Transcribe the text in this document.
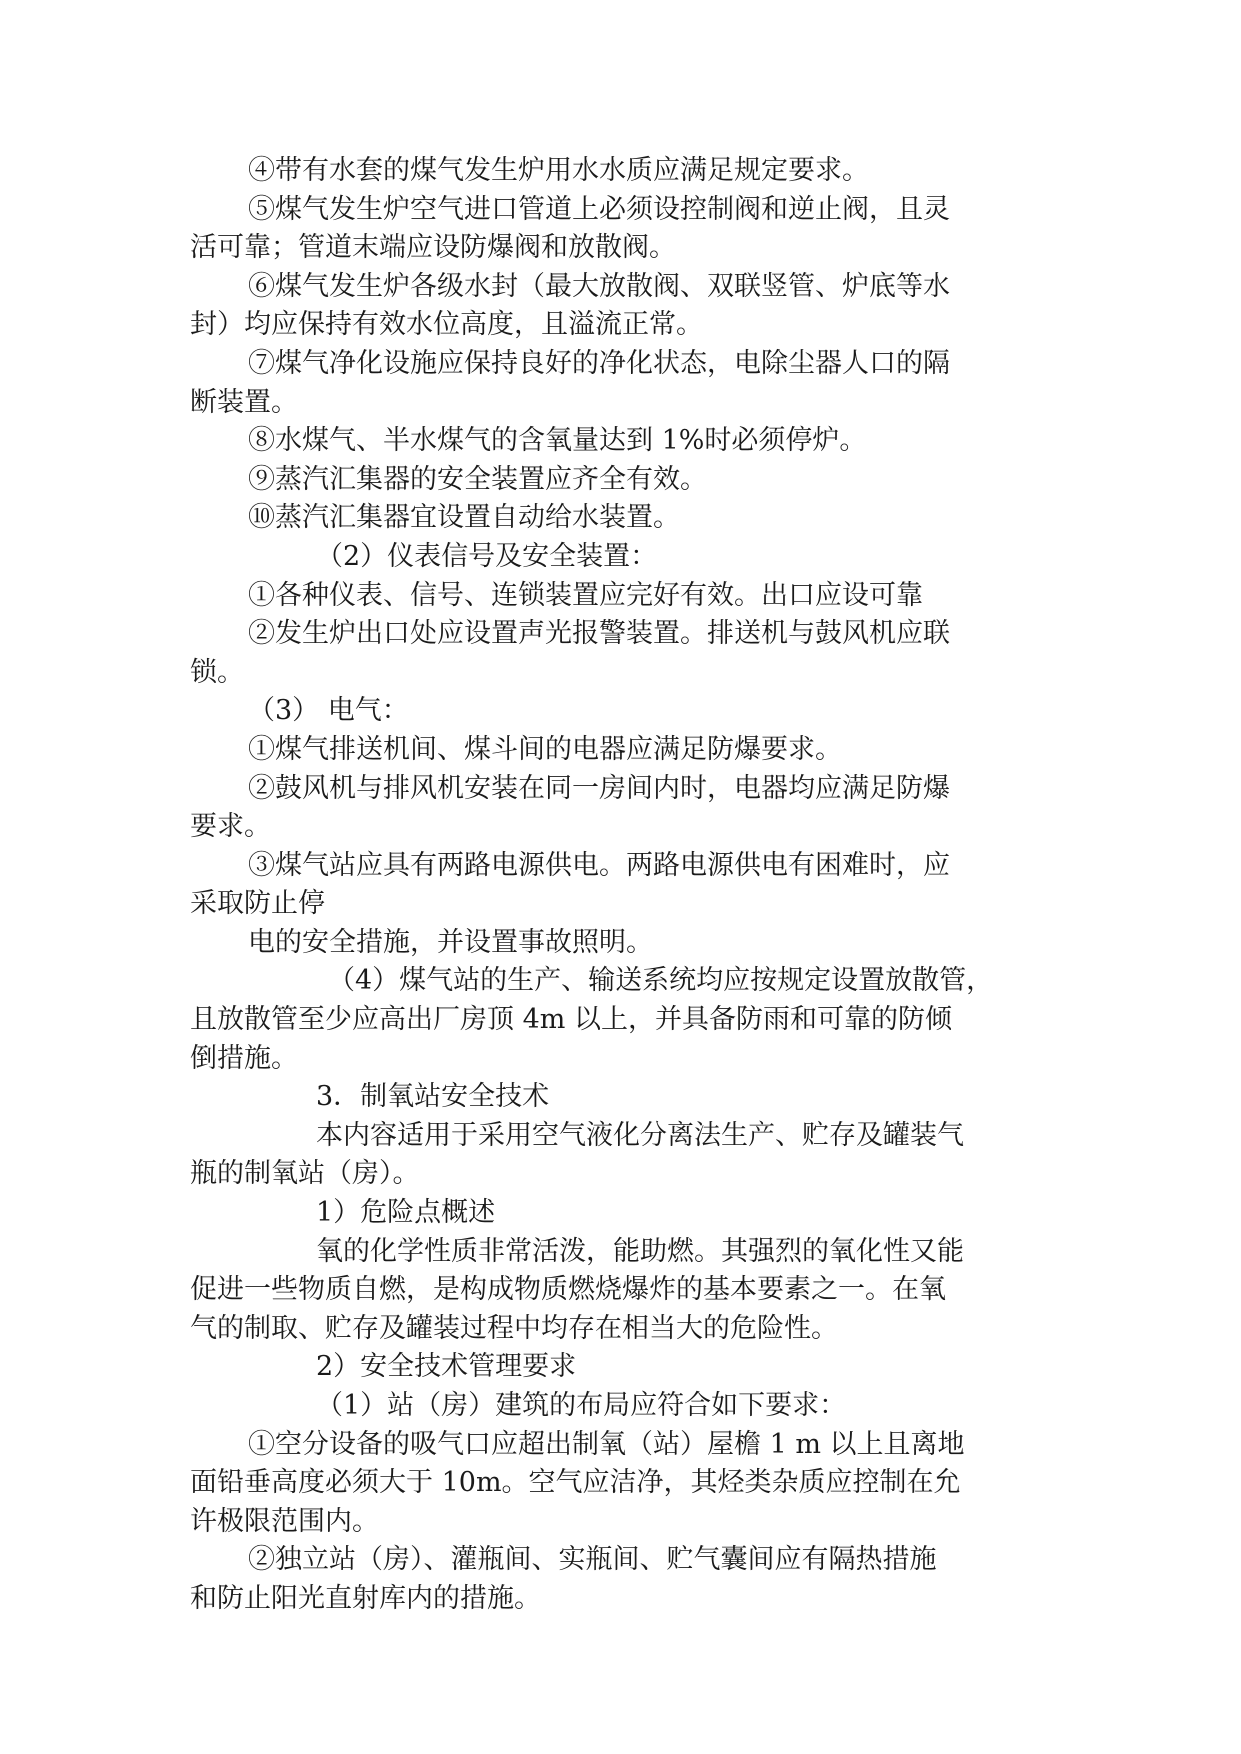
④带有水套的煤气发生炉用水水质应满足规定要求。

⑤煤气发生炉空气进口管道上必须设控制阀和逆止阀，且灵

活可靠；管道末端应设防爆阀和放散阀。

⑥煤气发生炉各级水封（最大放散阀、双联竖管、炉底等水

封）均应保持有效水位高度，且溢流正常。

⑦煤气净化设施应保持良好的净化状态，电除尘器人口的隔

断装置。

⑧水煤气、半水煤气的含氧量达到 1%时必须停炉。

⑨蒸汽汇集器的安全装置应齐全有效。

⑩蒸汽汇集器宜设置自动给水装置。

（2）仪表信号及安全装置：

①各种仪表、信号、连锁装置应完好有效。出口应设可靠

②发生炉出口处应设置声光报警装置。排送机与鼓风机应联

锁。

（3） 电气：

①煤气排送机间、煤斗间的电器应满足防爆要求。

②鼓风机与排风机安装在同一房间内时，电器均应满足防爆

要求。

③煤气站应具有两路电源供电。两路电源供电有困难时，应

采取防止停

电的安全措施，并设置事故照明。

（4）煤气站的生产、输送系统均应按规定设置放散管，

且放散管至少应高出厂房顶 4m 以上，并具备防雨和可靠的防倾

倒措施。

3．制氧站安全技术

本内容适用于采用空气液化分离法生产、贮存及罐装气

瓶的制氧站（房）。

1）危险点概述

氧的化学性质非常活泼，能助燃。其强烈的氧化性又能

促进一些物质自燃，是构成物质燃烧爆炸的基本要素之一。在氧

气的制取、贮存及罐装过程中均存在相当大的危险性。

2）安全技术管理要求

（1）站（房）建筑的布局应符合如下要求：

①空分设备的吸气口应超出制氧（站）屋檐 1 m 以上且离地

面铅垂高度必须大于 10m。空气应洁净，其烃类杂质应控制在允

许极限范围内。

②独立站（房）、灌瓶间、实瓶间、贮气囊间应有隔热措施

和防止阳光直射库内的措施。
